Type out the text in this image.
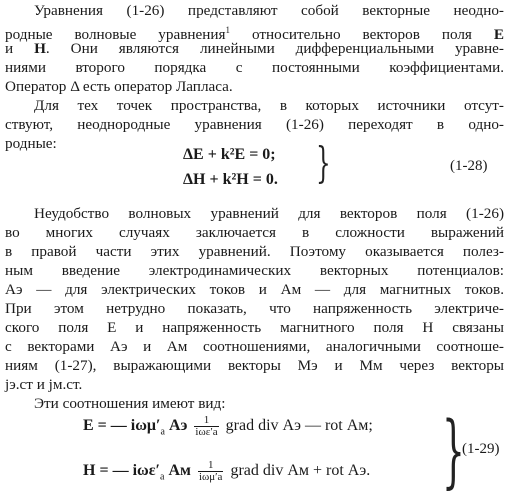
Уравнения (1-26) представляют собой векторные неодно-
родные волновые уравнения$^1$ относительно векторов поля E
и H. Они являются линейными дифференциальными уравне-
ниями второго порядка с постоянными коэффициентами.
Оператор Δ есть оператор Лапласа.
Для тех точек пространства, в которых источники отсут-
ствуют, неоднородные уравнения (1-26) переходят в одно-
родные:
ΔE + k²E = 0;
ΔH + k²H = 0. }	(1-28)
Неудобство волновых уравнений для векторов поля (1-26)
во многих случаях заключается в сложности выражений
в правой части этих уравнений. Поэтому оказывается полез-
ным введение электродинамических векторных потенциалов:
Аэ — для электрических токов и Ам — для магнитных токов.
При этом нетрудно показать, что напряженность электриче-
ского поля E и напряженность магнитного поля H связаны
с векторами Аэ и Ам соотношениями, аналогичными соотноше-
ниям (1-27), выражающими векторы Мэ и Мм через векторы
jэ.ст и jм.ст.
Эти соотношения имеют вид:
E = — $i\omega\mu'_а$ Аэ $\frac{1}{\text{iωε′а}}$ grad div Аэ — rot Ам;
H = — $i\omega\varepsilon'_а$ Ам $\frac{1}{\text{iωμ′а}}$ grad div Ам + rot Аэ. }
(1-29)
